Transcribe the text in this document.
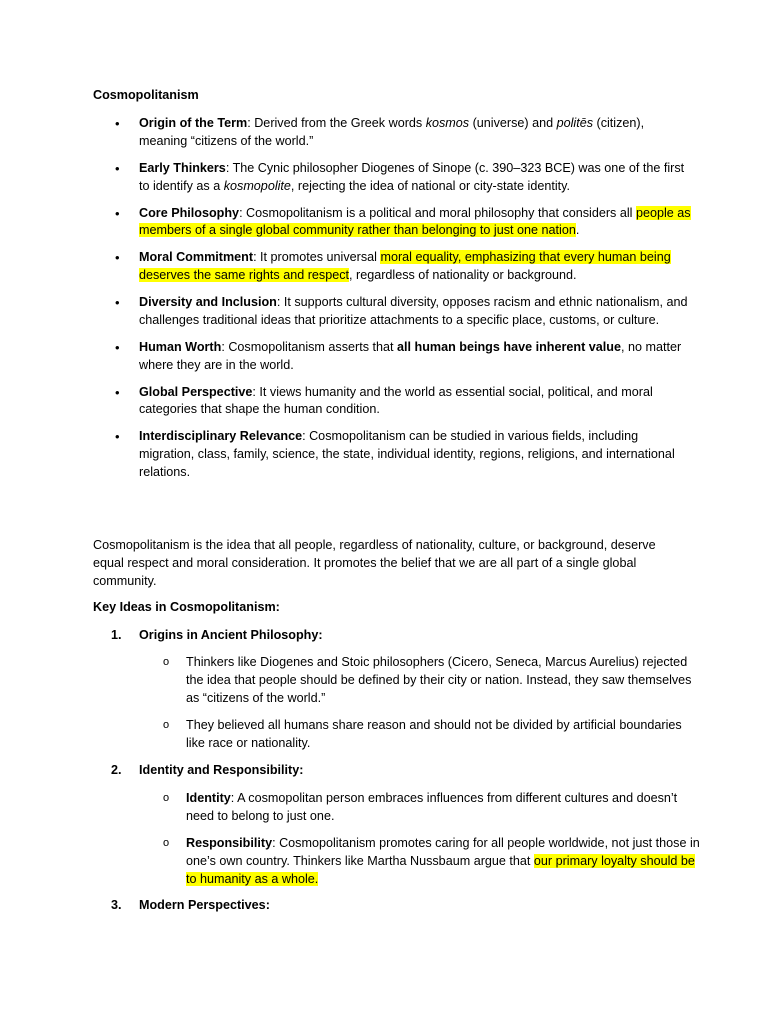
Cosmopolitanism
• Origin of the Term: Derived from the Greek words kosmos (universe) and politēs (citizen), meaning “citizens of the world.”
• Early Thinkers: The Cynic philosopher Diogenes of Sinope (c. 390–323 BCE) was one of the first to identify as a kosmopolite, rejecting the idea of national or city-state identity.
• Core Philosophy: Cosmopolitanism is a political and moral philosophy that considers all people as members of a single global community rather than belonging to just one nation.
• Moral Commitment: It promotes universal moral equality, emphasizing that every human being deserves the same rights and respect, regardless of nationality or background.
• Diversity and Inclusion: It supports cultural diversity, opposes racism and ethnic nationalism, and challenges traditional ideas that prioritize attachments to a specific place, customs, or culture.
• Human Worth: Cosmopolitanism asserts that all human beings have inherent value, no matter where they are in the world.
• Global Perspective: It views humanity and the world as essential social, political, and moral categories that shape the human condition.
• Interdisciplinary Relevance: Cosmopolitanism can be studied in various fields, including migration, class, family, science, the state, individual identity, regions, religions, and international relations.
Cosmopolitanism is the idea that all people, regardless of nationality, culture, or background, deserve equal respect and moral consideration. It promotes the belief that we are all part of a single global community.
Key Ideas in Cosmopolitanism:
1. Origins in Ancient Philosophy:
o Thinkers like Diogenes and Stoic philosophers (Cicero, Seneca, Marcus Aurelius) rejected the idea that people should be defined by their city or nation. Instead, they saw themselves as “citizens of the world.”
o They believed all humans share reason and should not be divided by artificial boundaries like race or nationality.
2. Identity and Responsibility:
o Identity: A cosmopolitan person embraces influences from different cultures and doesn’t need to belong to just one.
o Responsibility: Cosmopolitanism promotes caring for all people worldwide, not just those in one’s own country. Thinkers like Martha Nussbaum argue that our primary loyalty should be to humanity as a whole.
3. Modern Perspectives:
